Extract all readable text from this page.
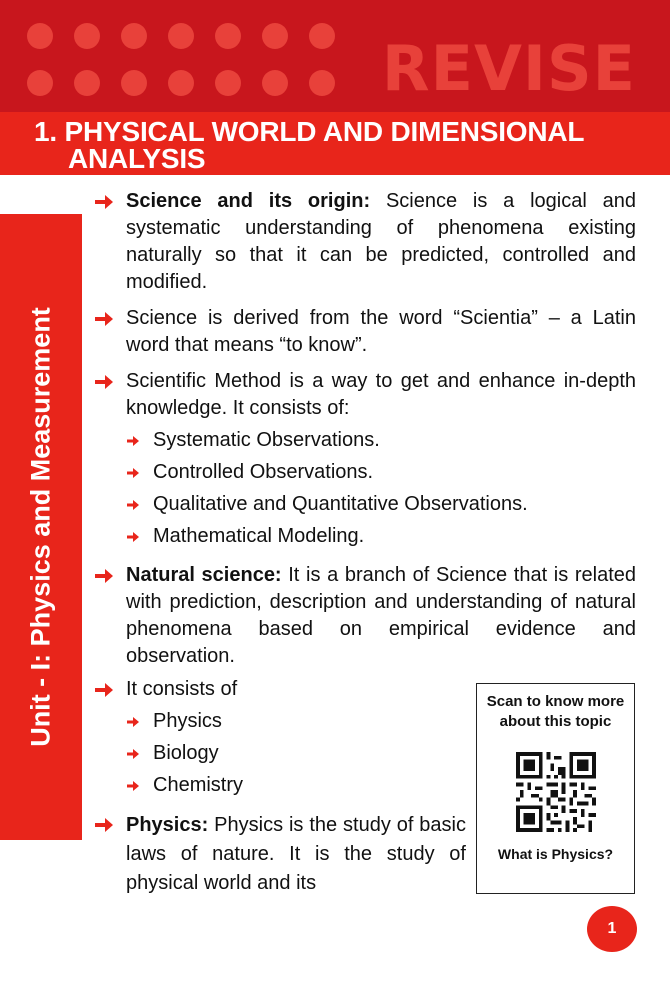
REVISE
1. PHYSICAL WORLD AND DIMENSIONAL
ANALYSIS
Unit - I: Physics and Measurement
Science and its origin: Science is a logical and systematic understanding of phenomena existing naturally so that it can be predicted, controlled and modified.
Science is derived from the word “Scientia” – a Latin word that means “to know”.
Scientific Method is a way to get and enhance in-depth knowledge. It consists of:
Systematic Observations.
Controlled Observations.
Qualitative and Quantitative Observations.
Mathematical Modeling.
Natural science: It is a branch of Science that is related with prediction, description and understanding of natural phenomena based on empirical evidence and observation.
It consists of
Physics
Biology
Chemistry
Physics: Physics is the study of basic laws of nature. It is the study of physical world and its
Scan to know more about this topic
What is Physics?
1
